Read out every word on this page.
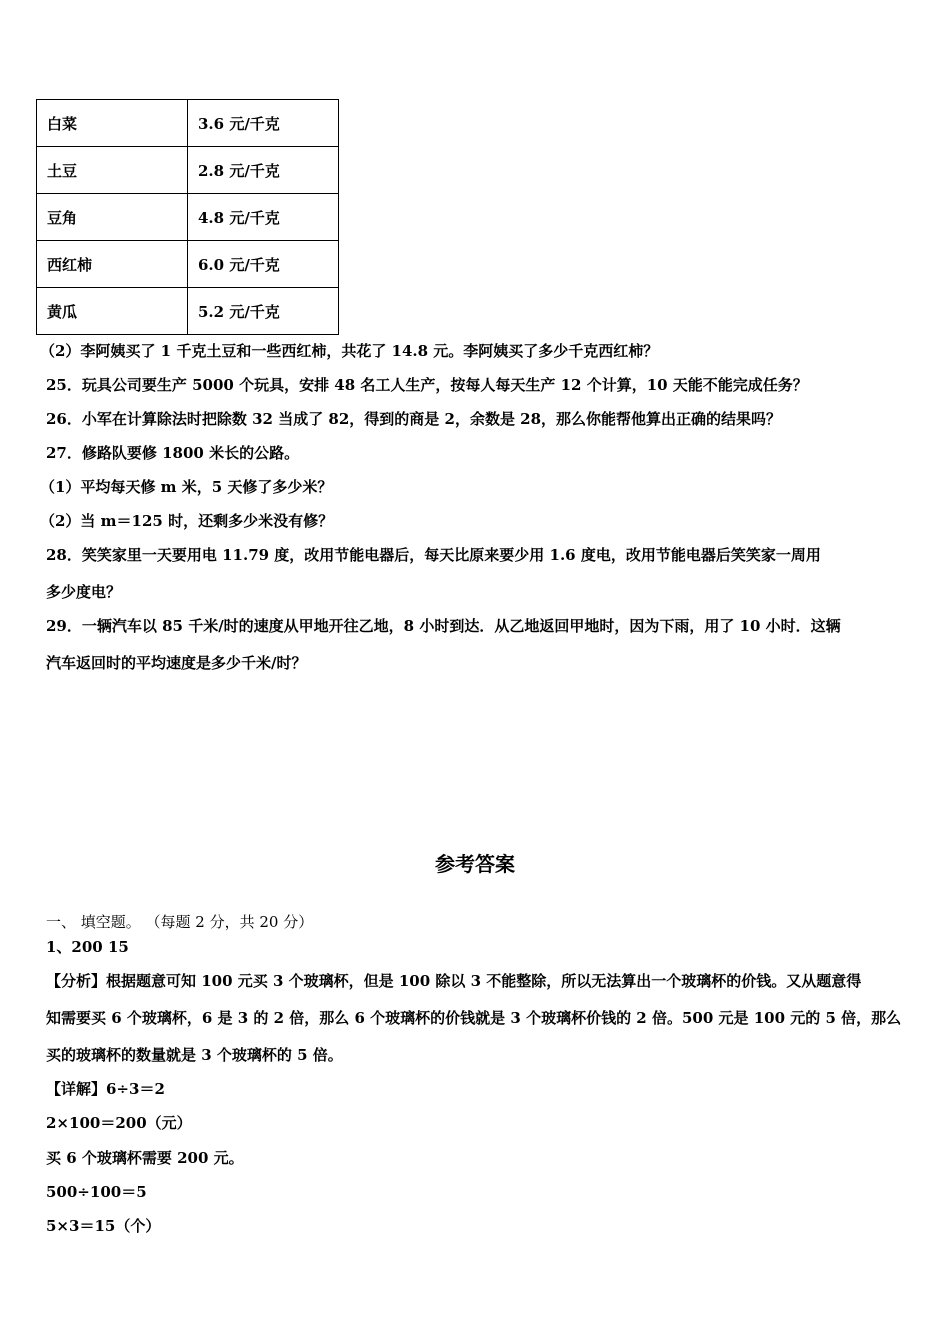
白菜	3.6 元/千克
土豆	2.8 元/千克
豆角	4.8 元/千克
西红柿	6.0 元/千克
黄瓜	5.2 元/千克
（2）李阿姨买了 1 千克土豆和一些西红柿，共花了 14.8 元。李阿姨买了多少千克西红柿？
25．玩具公司要生产 5000 个玩具，安排 48 名工人生产，按每人每天生产 12 个计算，10 天能不能完成任务？
26．小军在计算除法时把除数 32 当成了 82，得到的商是 2，余数是 28，那么你能帮他算出正确的结果吗？
27．修路队要修 1800 米长的公路。
（1）平均每天修 m 米，5 天修了多少米？
（2）当 m＝125 时，还剩多少米没有修？
28．笑笑家里一天要用电 11.79 度，改用节能电器后，每天比原来要少用 1.6 度电，改用节能电器后笑笑家一周用
多少度电？
29．一辆汽车以 85 千米/时的速度从甲地开往乙地，8 小时到达．从乙地返回甲地时，因为下雨，用了 10 小时．这辆
汽车返回时的平均速度是多少千米/时？
参考答案
一、 填空题。 （每题 2 分，共 20 分）
1、200 15
【分析】根据题意可知 100 元买 3 个玻璃杯，但是 100 除以 3 不能整除，所以无法算出一个玻璃杯的价钱。又从题意得
知需要买 6 个玻璃杯，6 是 3 的 2 倍，那么 6 个玻璃杯的价钱就是 3 个玻璃杯价钱的 2 倍。500 元是 100 元的 5 倍，那么
买的玻璃杯的数量就是 3 个玻璃杯的 5 倍。
【详解】6÷3＝2
2×100＝200（元）
买 6 个玻璃杯需要 200 元。
500÷100＝5
5×3＝15（个）
